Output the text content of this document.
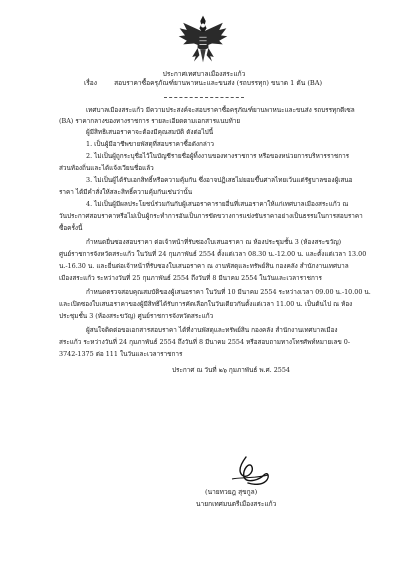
ประกาศเทศบาลเมืองสระแก้ว
เรื่อง	สอบราคาซื้อครุภัณฑ์ยานพาหนะและขนส่ง (รถบรรทุก) ขนาด 1 ตัน (BA)
เทศบาลเมืองสระแก้ว มีความประสงค์จะสอบราคาซื้อครุภัณฑ์ยานพาหนะและขนส่ง รถบรรทุกดีเซล
(BA) ราคากลางของทางราชการ รายละเอียดตามเอกสารแนบท้าย
ผู้มีสิทธิเสนอราคาจะต้องมีคุณสมบัติ ดังต่อไปนี้
1. เป็นผู้มีอาชีพขายพัสดุที่สอบราคาซื้อดังกล่าว
2. ไม่เป็นผู้ถูกระบุชื่อไว้ในบัญชีรายชื่อผู้ทิ้งงานของทางราชการ หรือของหน่วยการบริหารราชการ
ส่วนท้องถิ่นและได้แจ้งเวียนชื่อแล้ว
3. ไม่เป็นผู้ได้รับเอกสิทธิ์หรือความคุ้มกัน ซึ่งอาจปฏิเสธไม่ยอมขึ้นศาลไทยเว้นแต่รัฐบาลของผู้เสนอ
ราคา ได้มีคำสั่งให้สละสิทธิ์ความคุ้มกันเช่นว่านั้น
4. ไม่เป็นผู้มีผลประโยชน์ร่วมกันกับผู้เสนอราคารายอื่นที่เสนอราคาให้แก่เทศบาลเมืองสระแก้ว ณ
วันประกาศสอบราคาหรือไม่เป็นผู้กระทำการอันเป็นการขัดขวางการแข่งขันราคาอย่างเป็นธรรมในการสอบราคา
ซื้อครั้งนี้
กำหนดยื่นซองสอบราคา ต่อเจ้าหน้าที่รับซองใบเสนอราคา ณ ห้องประชุมชั้น 3 (ห้องสระขวัญ)
ศูนย์ราชการจังหวัดสระแก้ว ในวันที่ 24 กุมภาพันธ์ 2554 ตั้งแต่เวลา 08.30 น.-12.00 น. และตั้งแต่เวลา 13.00
น.-16.30 น. และยื่นต่อเจ้าหน้าที่รับซองใบเสนอราคา ณ งานพัสดุและทรัพย์สิน กองคลัง สำนักงานเทศบาล
เมืองสระแก้ว ระหว่างวันที่ 25 กุมภาพันธ์ 2554 ถึงวันที่ 8 มีนาคม 2554 ในวันและเวลาราชการ
กำหนดตรวจสอบคุณสมบัติของผู้เสนอราคา ในวันที่ 10 มีนาคม 2554 ระหว่างเวลา 09.00 น.-10.00 น.
และเปิดซองใบเสนอราคาของผู้มีสิทธิได้รับการคัดเลือกในวันเดียวกันตั้งแต่เวลา 11.00 น. เป็นต้นไป ณ ห้อง
ประชุมชั้น 3 (ห้องสระขวัญ) ศูนย์ราชการจังหวัดสระแก้ว
ผู้สนใจติดต่อขอเอกสารสอบราคา ได้ที่งานพัสดุและทรัพย์สิน กองคลัง สำนักงานเทศบาลเมือง
สระแก้ว ระหว่างวันที่ 24 กุมภาพันธ์ 2554 ถึงวันที่ 8 มีนาคม 2554 หรือสอบถามทางโทรศัพท์หมายเลข 0-
3742-1375 ต่อ 111 ในวันและเวลาราชการ
ประกาศ ณ วันที่ ๒๖ กุมภาพันธ์ พ.ศ. 2554
(นายทวยฎ สุขกูล)
นายกเทศมนตรีเมืองสระแก้ว
